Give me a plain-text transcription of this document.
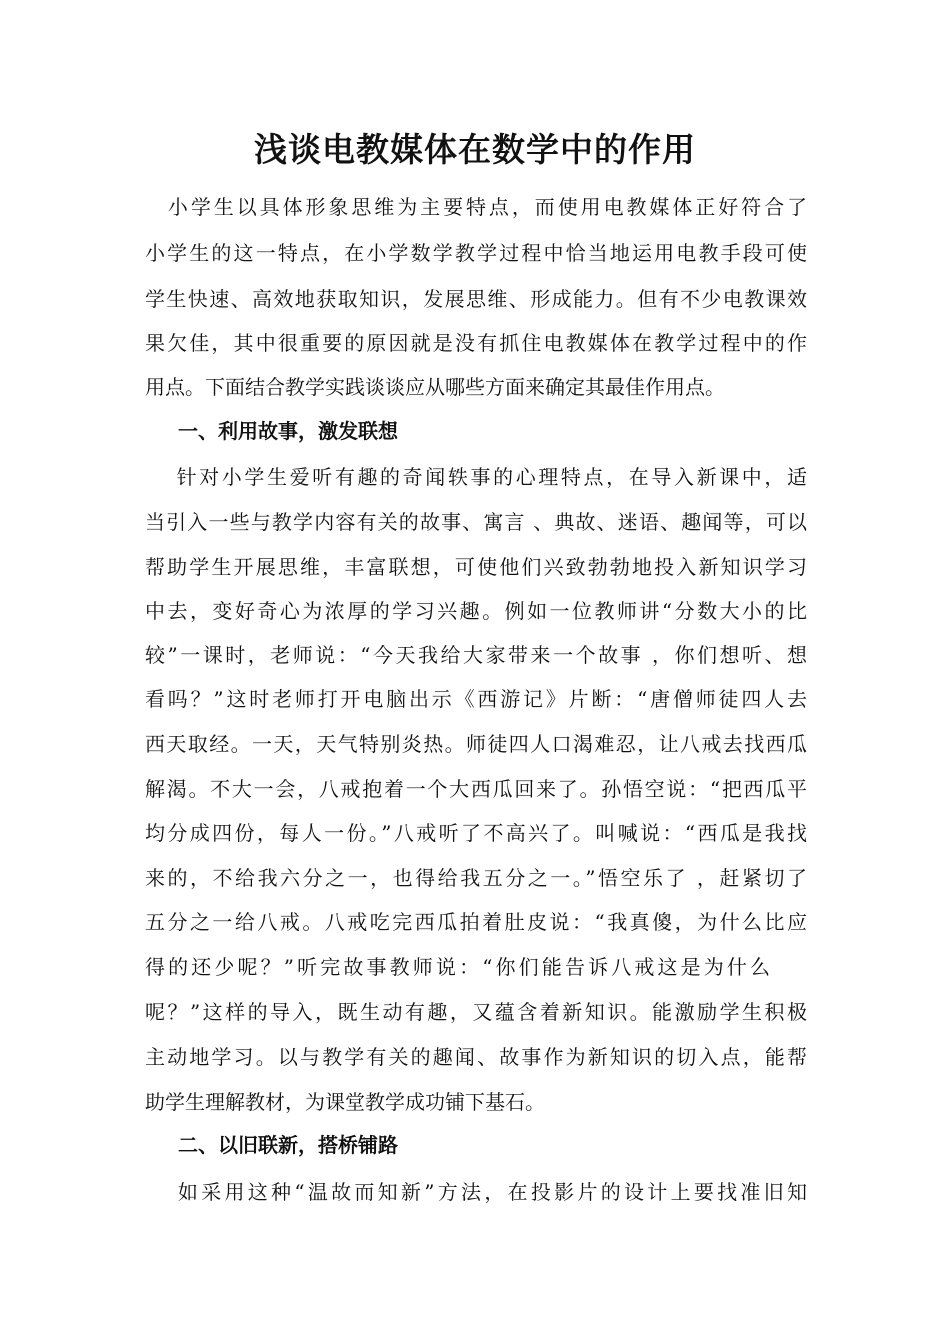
浅谈电教媒体在数学中的作用
　小学生以具体形象思维为主要特点，而使用电教媒体正好符合了
小学生的这一特点，在小学数学教学过程中恰当地运用电教手段可使
学生快速、高效地获取知识，发展思维、形成能力。但有不少电教课效
果欠佳，其中很重要的原因就是没有抓住电教媒体在教学过程中的作
用点。下面结合教学实践谈谈应从哪些方面来确定其最佳作用点。
一、利用故事，激发联想
　 针对小学生爱听有趣的奇闻轶事的心理特点，在导入新课中，适
当引入一些与教学内容有关的故事、寓言 、典故、迷语、趣闻等，可以
帮助学生开展思维，丰富联想，可使他们兴致勃勃地投入新知识学习
中去，变好奇心为浓厚的学习兴趣。例如一位教师讲“分数大小的比
较”一课时，老师说：“今天我给大家带来一个故事 ，你们想听、想
看吗？”这时老师打开电脑出示《西游记》片断：“唐僧师徒四人去
西天取经。一天，天气特别炎热。师徒四人口渴难忍，让八戒去找西瓜
解渴。不大一会，八戒抱着一个大西瓜回来了。孙悟空说：“把西瓜平
均分成四份，每人一份。”八戒听了不高兴了。叫喊说：“西瓜是我找
来的，不给我六分之一，也得给我五分之一。”悟空乐了 ，赶紧切了
五分之一给八戒。八戒吃完西瓜拍着肚皮说：“我真傻，为什么比应
得的还少呢？”听完故事教师说：“你们能告诉八戒这是为什么
呢？”这样的导入，既生动有趣，又蕴含着新知识。能激励学生积极
主动地学习。以与教学有关的趣闻、故事作为新知识的切入点，能帮
助学生理解教材，为课堂教学成功铺下基石。
二、以旧联新，搭桥铺路
　 如采用这种“温故而知新”方法，在投影片的设计上要找准旧知
